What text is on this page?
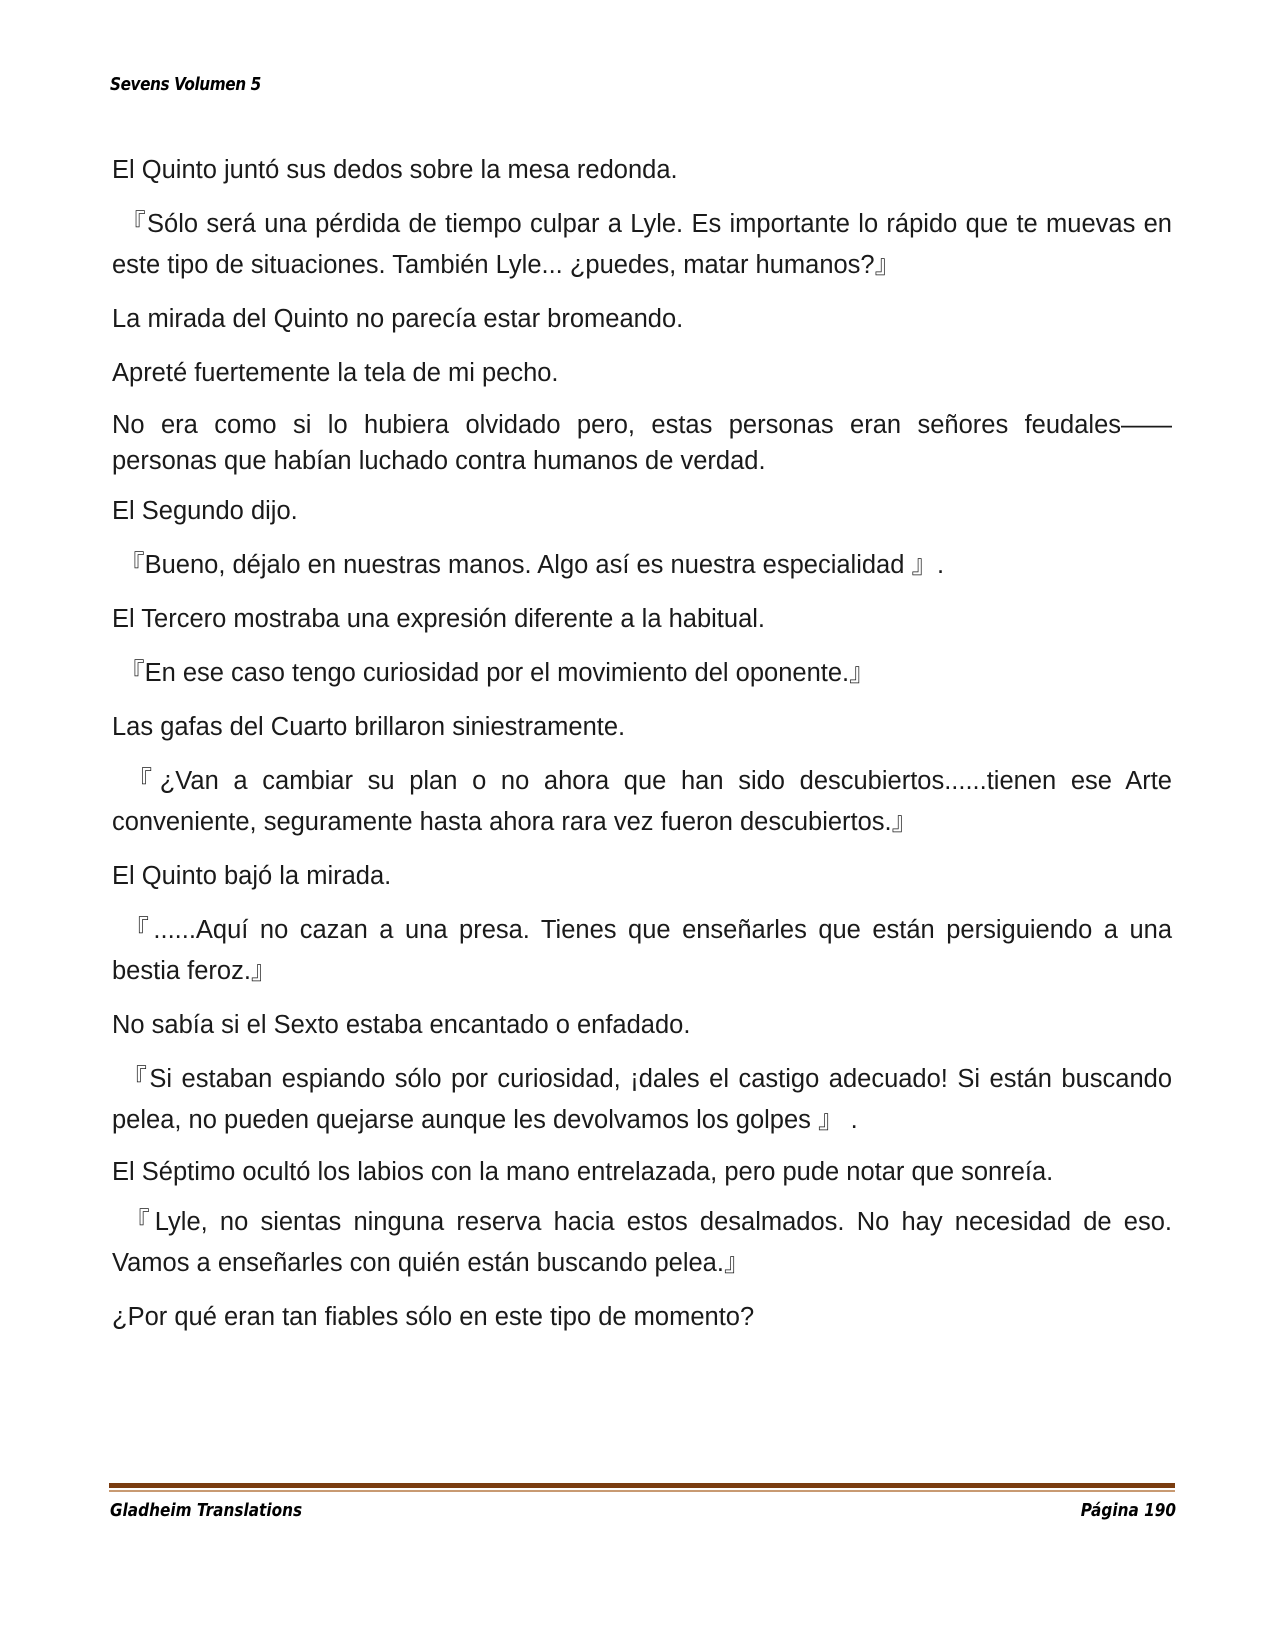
Sevens Volumen 5

El Quinto juntó sus dedos sobre la mesa redonda.

『Sólo será una pérdida de tiempo culpar a Lyle. Es importante lo rápido que te muevas en este tipo de situaciones. También Lyle... ¿puedes, matar humanos?』

La mirada del Quinto no parecía estar bromeando.

Apreté fuertemente la tela de mi pecho.

No era como si lo hubiera olvidado pero, estas personas eran señores feudales—— personas que habían luchado contra humanos de verdad.

El Segundo dijo.

『Bueno, déjalo en nuestras manos. Algo así es nuestra especialidad 』.

El Tercero mostraba una expresión diferente a la habitual.

『En ese caso tengo curiosidad por el movimiento del oponente.』

Las gafas del Cuarto brillaron siniestramente.

『¿Van a cambiar su plan o no ahora que han sido descubiertos......tienen ese Arte conveniente, seguramente hasta ahora rara vez fueron descubiertos.』

El Quinto bajó la mirada.

『......Aquí no cazan a una presa. Tienes que enseñarles que están persiguiendo a una bestia feroz.』

No sabía si el Sexto estaba encantado o enfadado.

『Si estaban espiando sólo por curiosidad, ¡dales el castigo adecuado! Si están buscando pelea, no pueden quejarse aunque les devolvamos los golpes 』 .

El Séptimo ocultó los labios con la mano entrelazada, pero pude notar que sonreía.

『Lyle, no sientas ninguna reserva hacia estos desalmados. No hay necesidad de eso. Vamos a enseñarles con quién están buscando pelea.』

¿Por qué eran tan fiables sólo en este tipo de momento?

Gladheim Translations	Página 190
